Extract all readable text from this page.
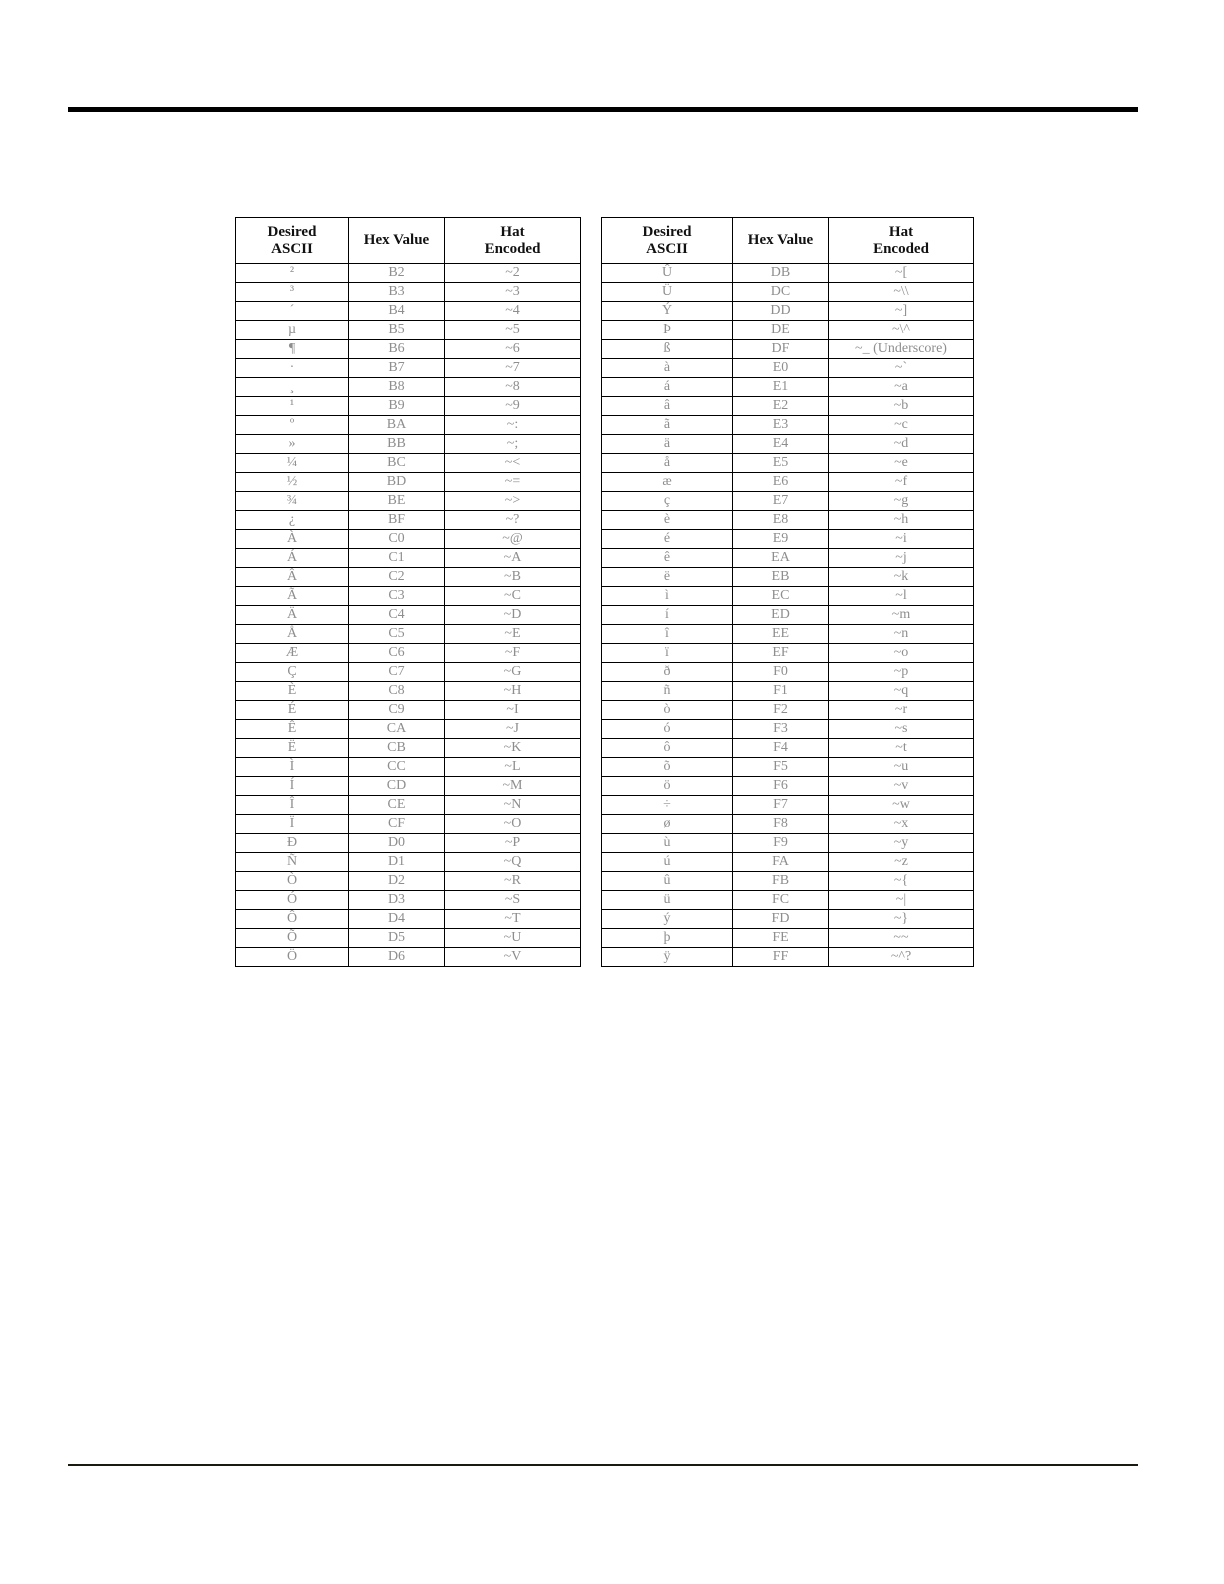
Desired
ASCII	Hex Value	Hat
Encoded
²	B2	~2
³	B3	~3
´	B4	~4
µ	B5	~5
¶	B6	~6
·	B7	~7
¸	B8	~8
¹	B9	~9
º	BA	~:
»	BB	~;
¼	BC	~<
½	BD	~=
¾	BE	~>
¿	BF	~?
À	C0	~@
Á	C1	~A
Â	C2	~B
Ã	C3	~C
Ä	C4	~D
Å	C5	~E
Æ	C6	~F
Ç	C7	~G
È	C8	~H
É	C9	~I
Ê	CA	~J
Ë	CB	~K
Ì	CC	~L
Í	CD	~M
Î	CE	~N
Ï	CF	~O
Ð	D0	~P
Ñ	D1	~Q
Ò	D2	~R
Ó	D3	~S
Ô	D4	~T
Õ	D5	~U
Ö	D6	~V
Desired
ASCII	Hex Value	Hat
Encoded
Û	DB	~[
Ü	DC	~\\
Ý	DD	~]
Þ	DE	~\^
ß	DF	~_ (Underscore)
à	E0	~`
á	E1	~a
â	E2	~b
ã	E3	~c
ä	E4	~d
å	E5	~e
æ	E6	~f
ç	E7	~g
è	E8	~h
é	E9	~i
ê	EA	~j
ë	EB	~k
ì	EC	~l
í	ED	~m
î	EE	~n
ï	EF	~o
ð	F0	~p
ñ	F1	~q
ò	F2	~r
ó	F3	~s
ô	F4	~t
õ	F5	~u
ö	F6	~v
÷	F7	~w
ø	F8	~x
ù	F9	~y
ú	FA	~z
û	FB	~{
ü	FC	~|
ý	FD	~}
þ	FE	~~
ÿ	FF	~^?
